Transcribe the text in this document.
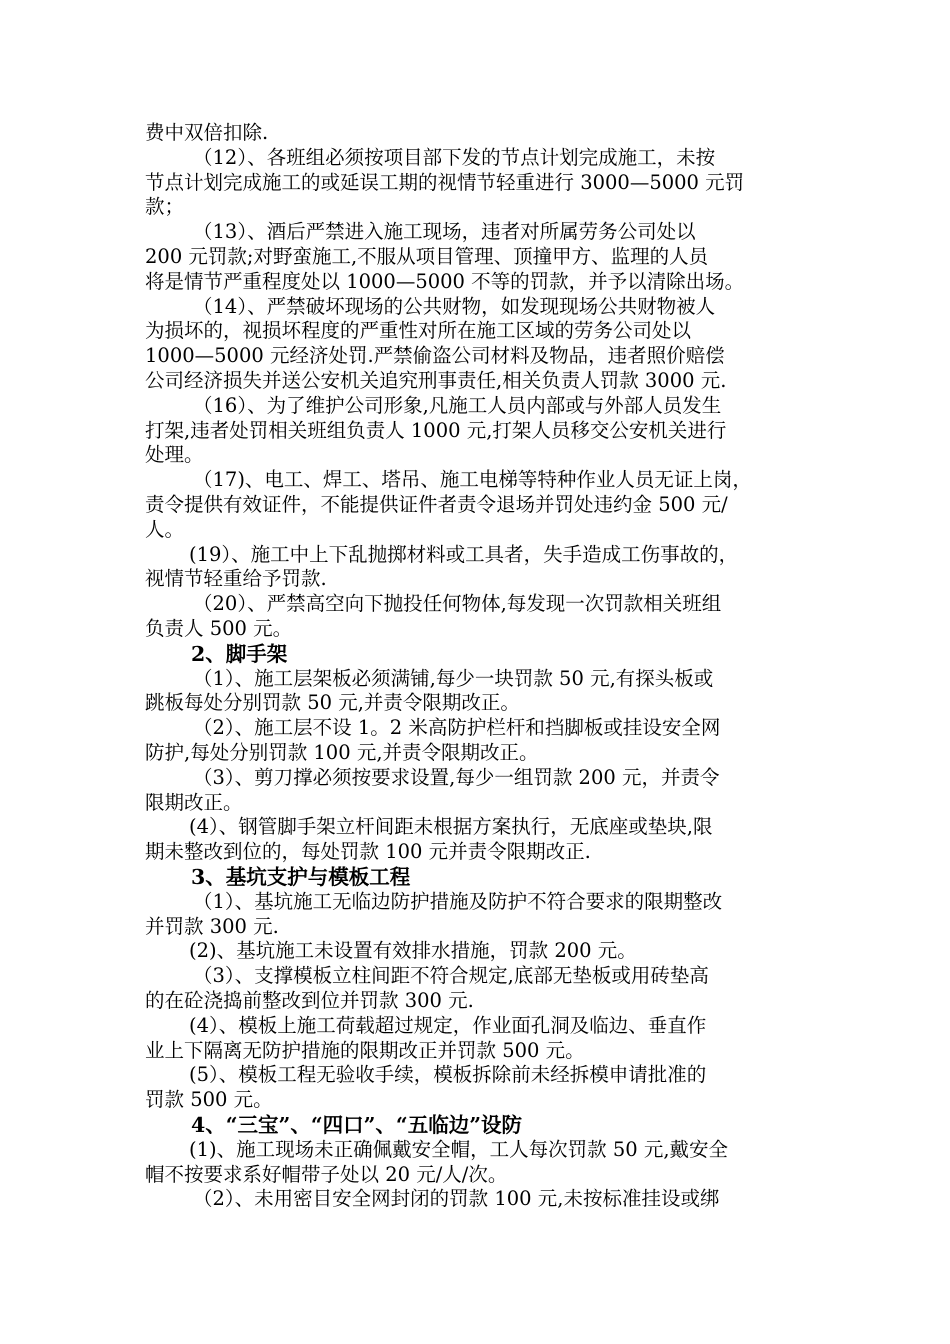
费中双倍扣除.
（12）、各班组必须按项目部下发的节点计划完成施工，未按
节点计划完成施工的或延误工期的视情节轻重进行 3000—5000 元罚
款；
（13）、酒后严禁进入施工现场，违者对所属劳务公司处以
200 元罚款;对野蛮施工,不服从项目管理、顶撞甲方、监理的人员
将是情节严重程度处以 1000—5000 不等的罚款，并予以清除出场。
（14）、严禁破坏现场的公共财物，如发现现场公共财物被人
为损坏的，视损坏程度的严重性对所在施工区域的劳务公司处以
1000—5000 元经济处罚.严禁偷盗公司材料及物品，违者照价赔偿
公司经济损失并送公安机关追究刑事责任,相关负责人罚款 3000 元.
（16）、为了维护公司形象,凡施工人员内部或与外部人员发生
打架,违者处罚相关班组负责人 1000 元,打架人员移交公安机关进行
处理。
（17)、电工、焊工、塔吊、施工电梯等特种作业人员无证上岗，
责令提供有效证件，不能提供证件者责令退场并罚处违约金 500 元/
人。
(19）、施工中上下乱抛掷材料或工具者，失手造成工伤事故的，
视情节轻重给予罚款.
（20）、严禁高空向下抛投任何物体,每发现一次罚款相关班组
负责人 500 元。
2、脚手架
（1）、施工层架板必须满铺,每少一块罚款 50 元,有探头板或
跳板每处分别罚款 50 元,并责令限期改正。
（2）、施工层不设 1。2 米高防护栏杆和挡脚板或挂设安全网
防护,每处分别罚款 100 元,并责令限期改正。
（3）、剪刀撑必须按要求设置,每少一组罚款 200 元，并责令
限期改正。
(4）、钢管脚手架立杆间距未根据方案执行，无底座或垫块,限
期未整改到位的，每处罚款 100 元并责令限期改正.
3、基坑支护与模板工程
（1）、基坑施工无临边防护措施及防护不符合要求的限期整改
并罚款 300 元.
(2)、基坑施工未设置有效排水措施，罚款 200 元。
（3）、支撑模板立柱间距不符合规定,底部无垫板或用砖垫高
的在砼浇捣前整改到位并罚款 300 元.
(4）、模板上施工荷载超过规定，作业面孔洞及临边、垂直作
业上下隔离无防护措施的限期改正并罚款 500 元。
(5）、模板工程无验收手续，模板拆除前未经拆模申请批准的
罚款 500 元。
4、“三宝”、“四口”、“五临边”设防
(1)、施工现场未正确佩戴安全帽，工人每次罚款 50 元,戴安全
帽不按要求系好帽带子处以 20 元/人/次。
（2）、未用密目安全网封闭的罚款 100 元,未按标准挂设或绑
